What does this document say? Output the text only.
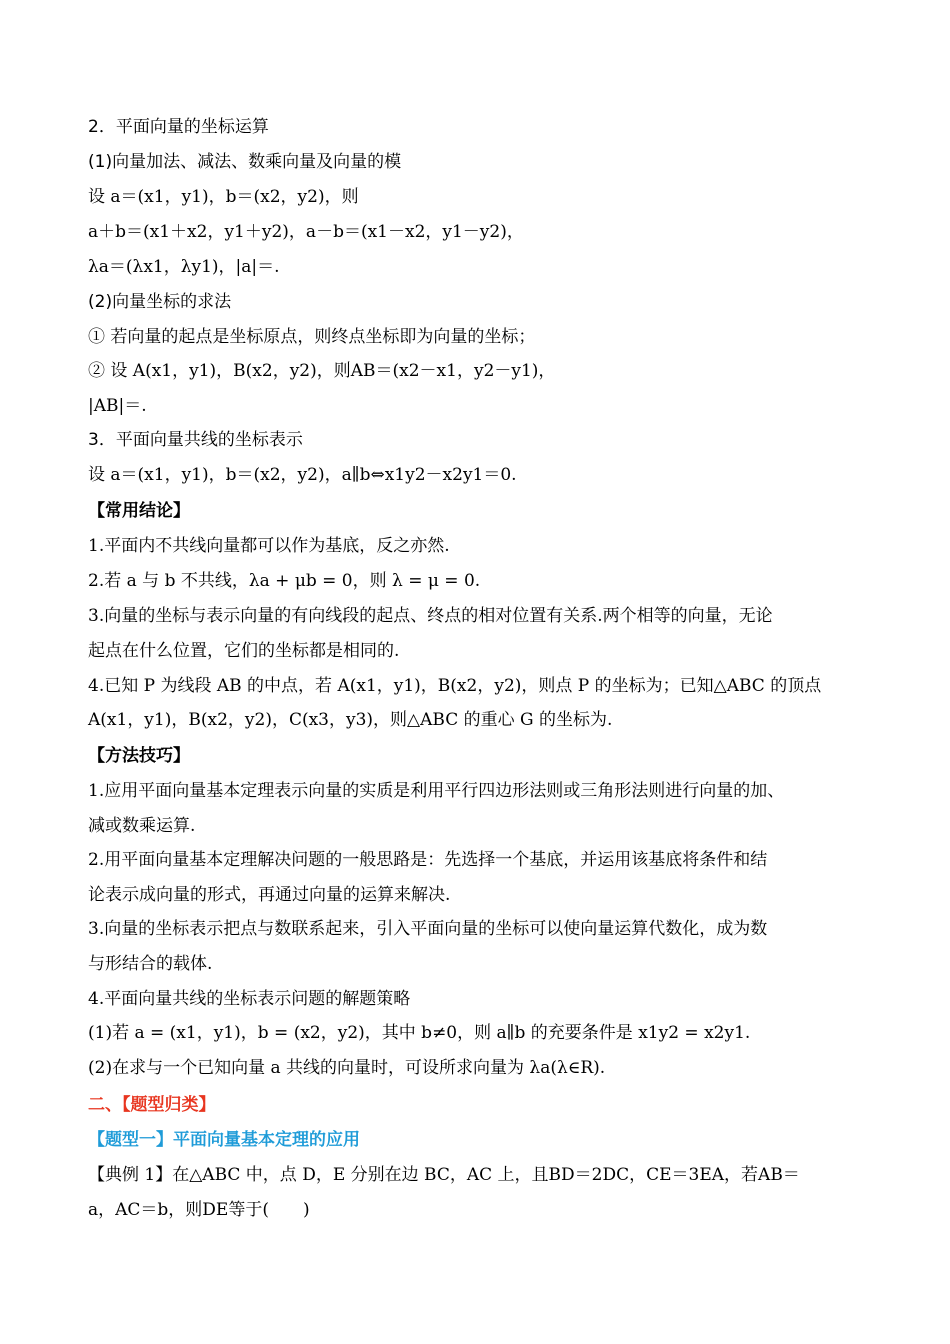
2．平面向量的坐标运算
(1)向量加法、减法、数乘向量及向量的模
设 a＝(x1，y1)，b＝(x2，y2)，则
a＋b＝(x1＋x2，y1＋y2)，a－b＝(x1－x2，y1－y2)，
λa＝(λx1，λy1)，|a|＝.
(2)向量坐标的求法
① 若向量的起点是坐标原点，则终点坐标即为向量的坐标；
② 设 A(x1，y1)，B(x2，y2)，则AB＝(x2－x1，y2－y1)，
|AB|＝.
3．平面向量共线的坐标表示
设 a＝(x1，y1)，b＝(x2，y2)，a∥b⇔x1y2－x2y1＝0.
【常用结论】
1.平面内不共线向量都可以作为基底，反之亦然.
2.若 a 与 b 不共线，λa + μb = 0，则 λ = μ = 0.
3.向量的坐标与表示向量的有向线段的起点、终点的相对位置有关系.两个相等的向量，无论
起点在什么位置，它们的坐标都是相同的.
4.已知 P 为线段 AB 的中点，若 A(x1，y1)，B(x2，y2)，则点 P 的坐标为；已知△ABC 的顶点
A(x1，y1)，B(x2，y2)，C(x3，y3)，则△ABC 的重心 G 的坐标为.
【方法技巧】
1.应用平面向量基本定理表示向量的实质是利用平行四边形法则或三角形法则进行向量的加、
减或数乘运算.
2.用平面向量基本定理解决问题的一般思路是：先选择一个基底，并运用该基底将条件和结
论表示成向量的形式，再通过向量的运算来解决.
3.向量的坐标表示把点与数联系起来，引入平面向量的坐标可以使向量运算代数化，成为数
与形结合的载体.
4.平面向量共线的坐标表示问题的解题策略
(1)若 a = (x1，y1)，b = (x2，y2)，其中 b≠0，则 a∥b 的充要条件是 x1y2 = x2y1.
(2)在求与一个已知向量 a 共线的向量时，可设所求向量为 λa(λ∈R).
二、【题型归类】
【题型一】平面向量基本定理的应用
【典例 1】在△ABC 中，点 D，E 分别在边 BC，AC 上，且BD＝2DC，CE＝3EA，若AB＝
a，AC＝b，则DE等于(　　)
